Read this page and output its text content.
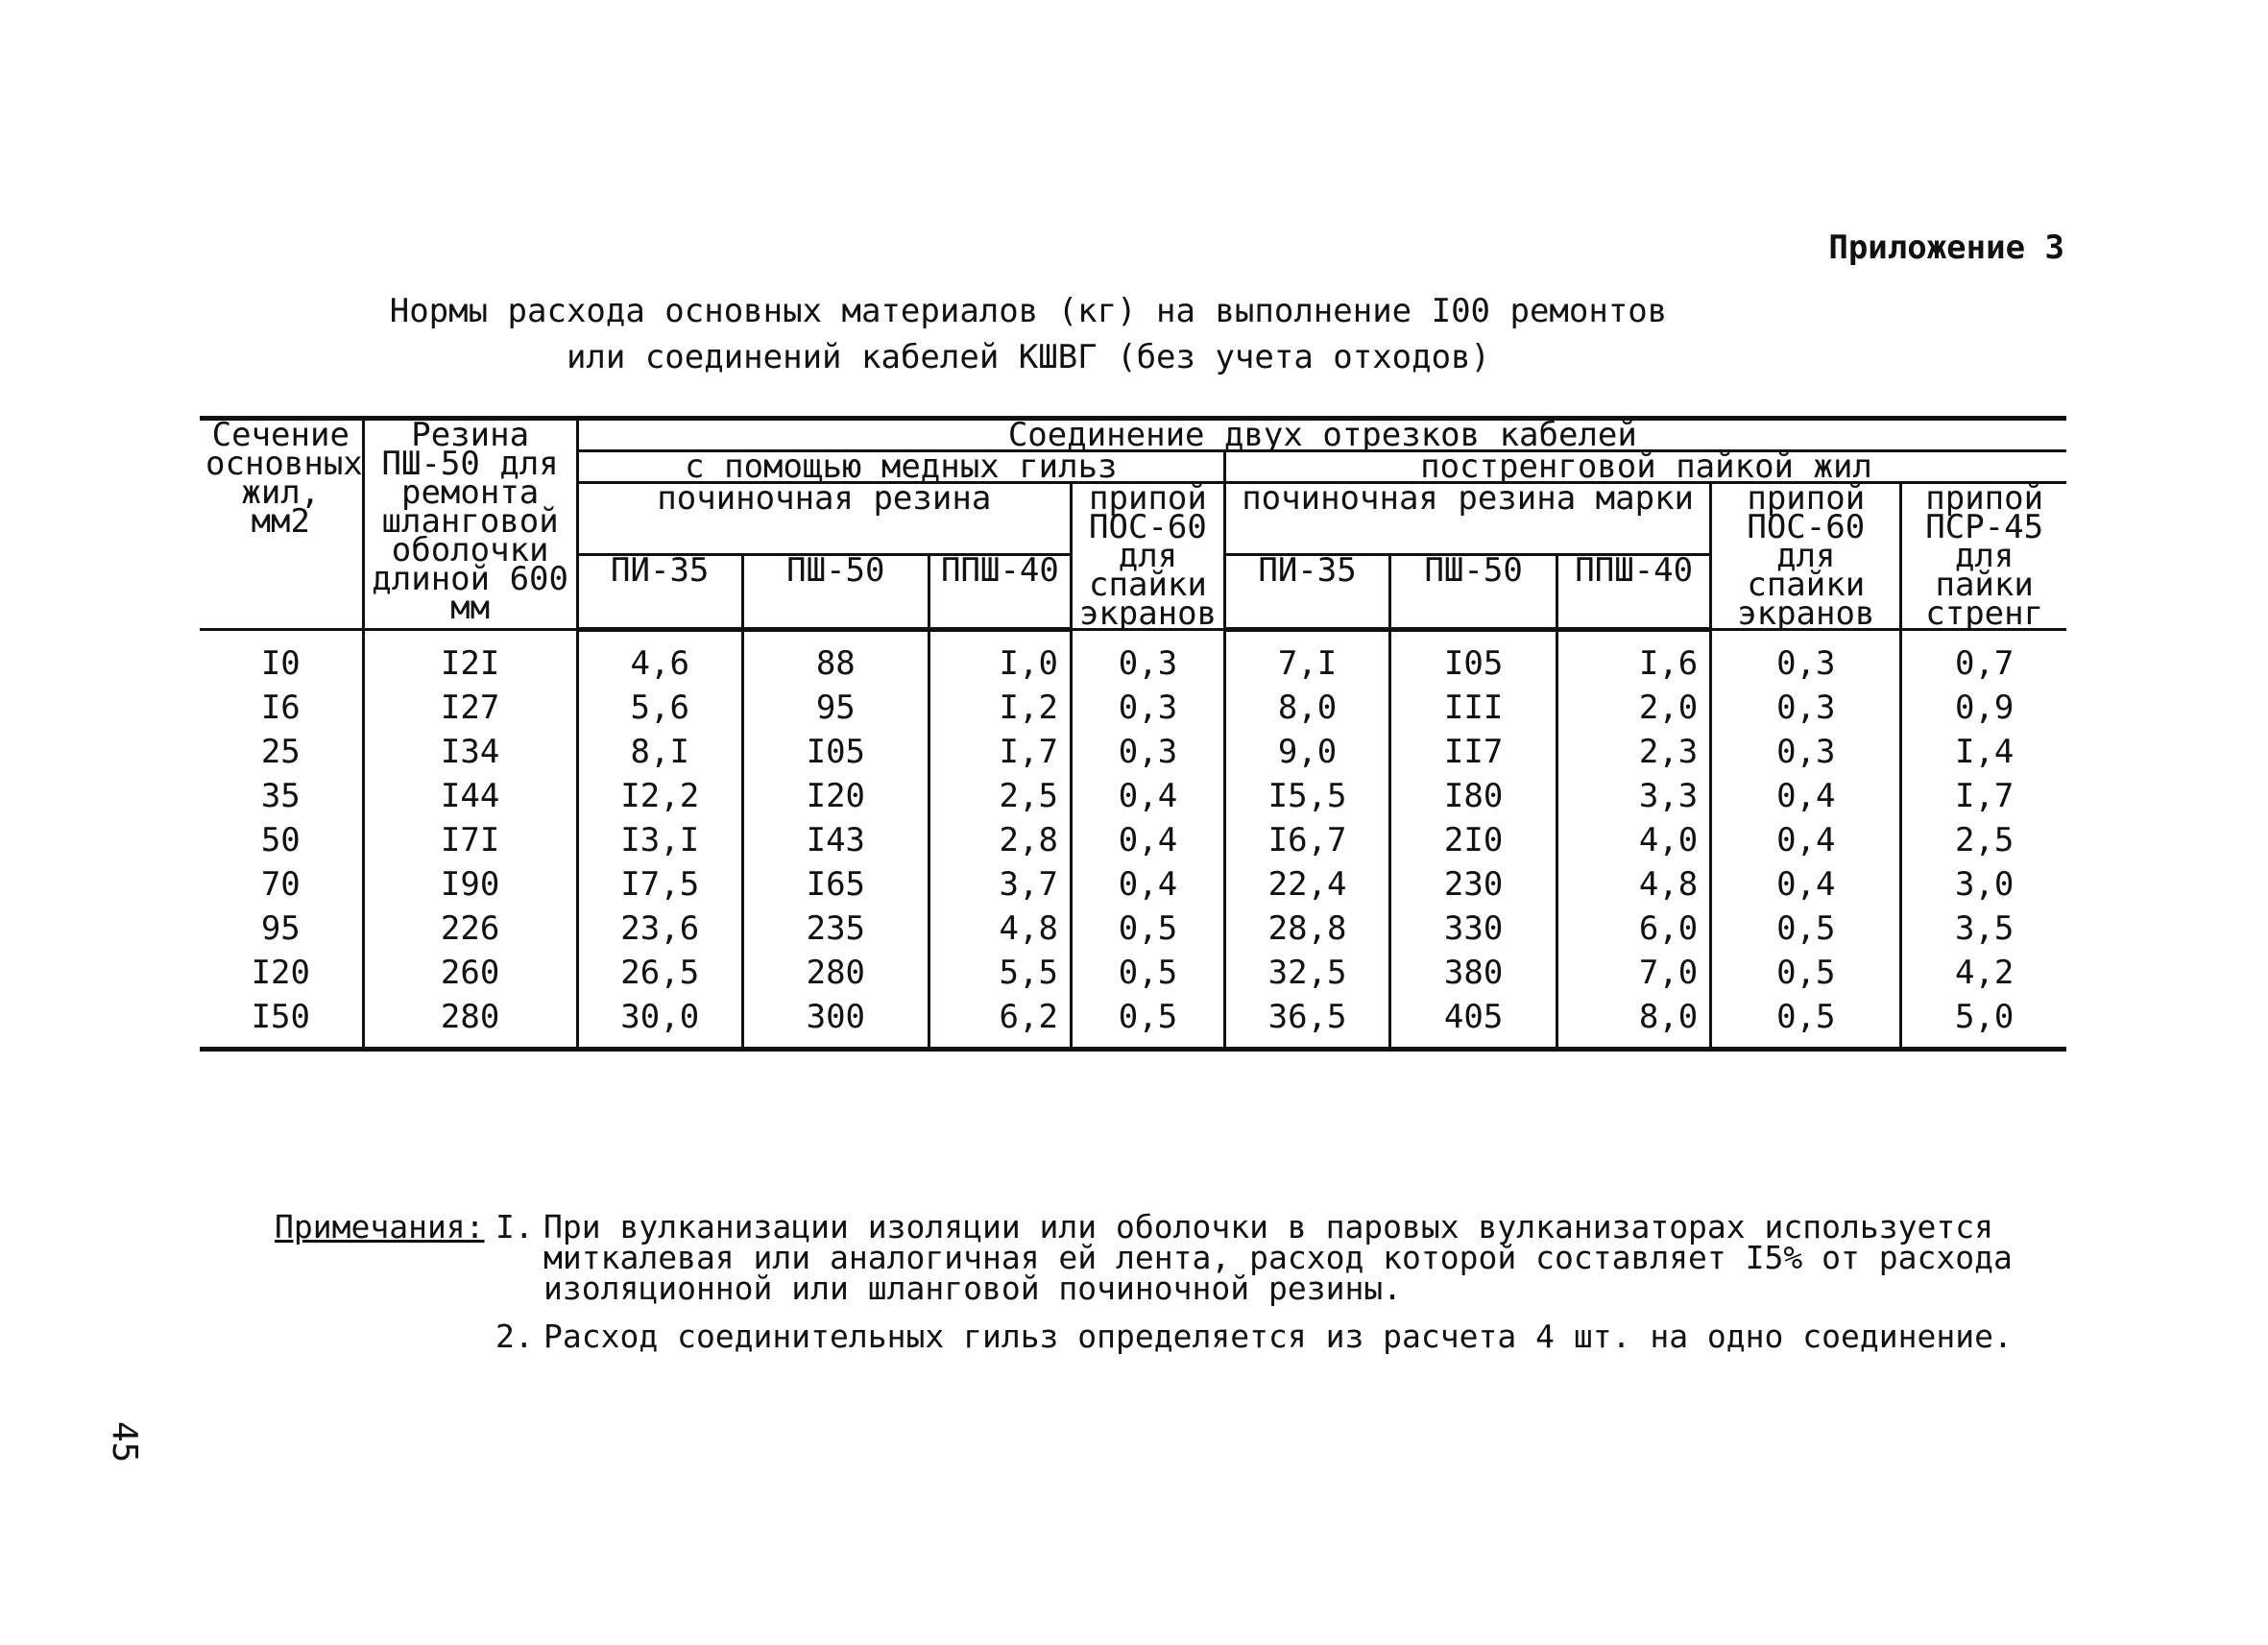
Приложение 3
Нормы расхода основных материалов (кг) на выполнение I00 ремонтов
или соединений кабелей КШВГ (без учета отходов)
Сечение основных жил, мм2	Резина ПШ-50 для ремонта шланговой оболочки длиной 600 мм	Соединение двух отрезков кабелей								
		с помощью медных гильз				постренговой пайкой жил				
		починочная резина			припой ПОС-60 для спайки экранов	починочная резина марки			припой ПОС-60 для спайки экранов	припой ПСР-45 для пайки стренг
		ПИ-35	ПШ-50	ППШ-40		ПИ-35	ПШ-50	ППШ-40		
I0	I2I	4,6	88	I,0	0,3	7,I	I05	I,6	0,3	0,7
I6	I27	5,6	95	I,2	0,3	8,0	III	2,0	0,3	0,9
25	I34	8,I	I05	I,7	0,3	9,0	II7	2,3	0,3	I,4
35	I44	I2,2	I20	2,5	0,4	I5,5	I80	3,3	0,4	I,7
50	I7I	I3,I	I43	2,8	0,4	I6,7	2I0	4,0	0,4	2,5
70	I90	I7,5	I65	3,7	0,4	22,4	230	4,8	0,4	3,0
95	226	23,6	235	4,8	0,5	28,8	330	6,0	0,5	3,5
I20	260	26,5	280	5,5	0,5	32,5	380	7,0	0,5	4,2
I50	280	30,0	300	6,2	0,5	36,5	405	8,0	0,5	5,0
Примечания: I. При вулканизации изоляции или оболочки в паровых вулканизаторах используется миткалевая или аналогичная ей лента, расход которой составляет I5% от расхода изоляционной или шланговой починочной резины.
2. Расход соединительных гильз определяется из расчета 4 шт. на одно соединение.
45
